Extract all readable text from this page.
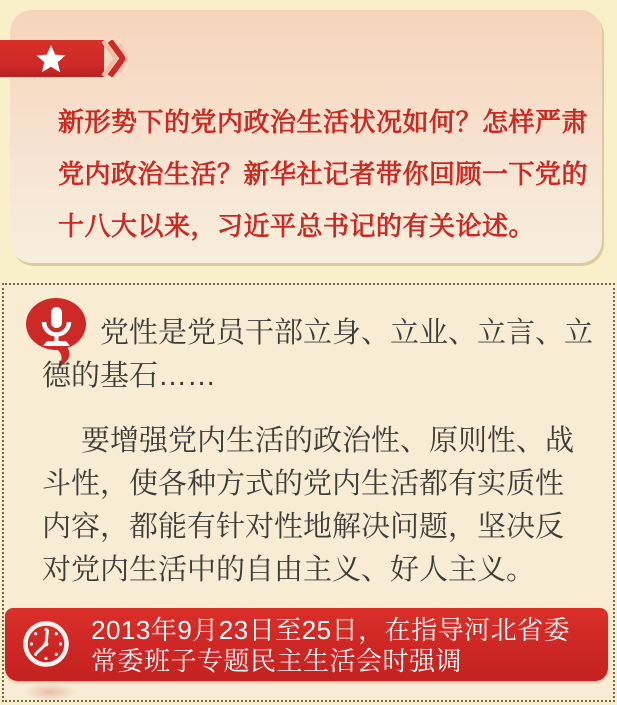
新形势下的党内政治生活状况如何？怎样严肃
党内政治生活？新华社记者带你回顾一下党的
十八大以来，习近平总书记的有关论述。

党性是党员干部立身、立业、立言、立
德的基石……

要增强党内生活的政治性、原则性、战
斗性，使各种方式的党内生活都有实质性
内容，都能有针对性地解决问题，坚决反
对党内生活中的自由主义、好人主义。

2013年9月23日至25日，在指导河北省委
常委班子专题民主生活会时强调
